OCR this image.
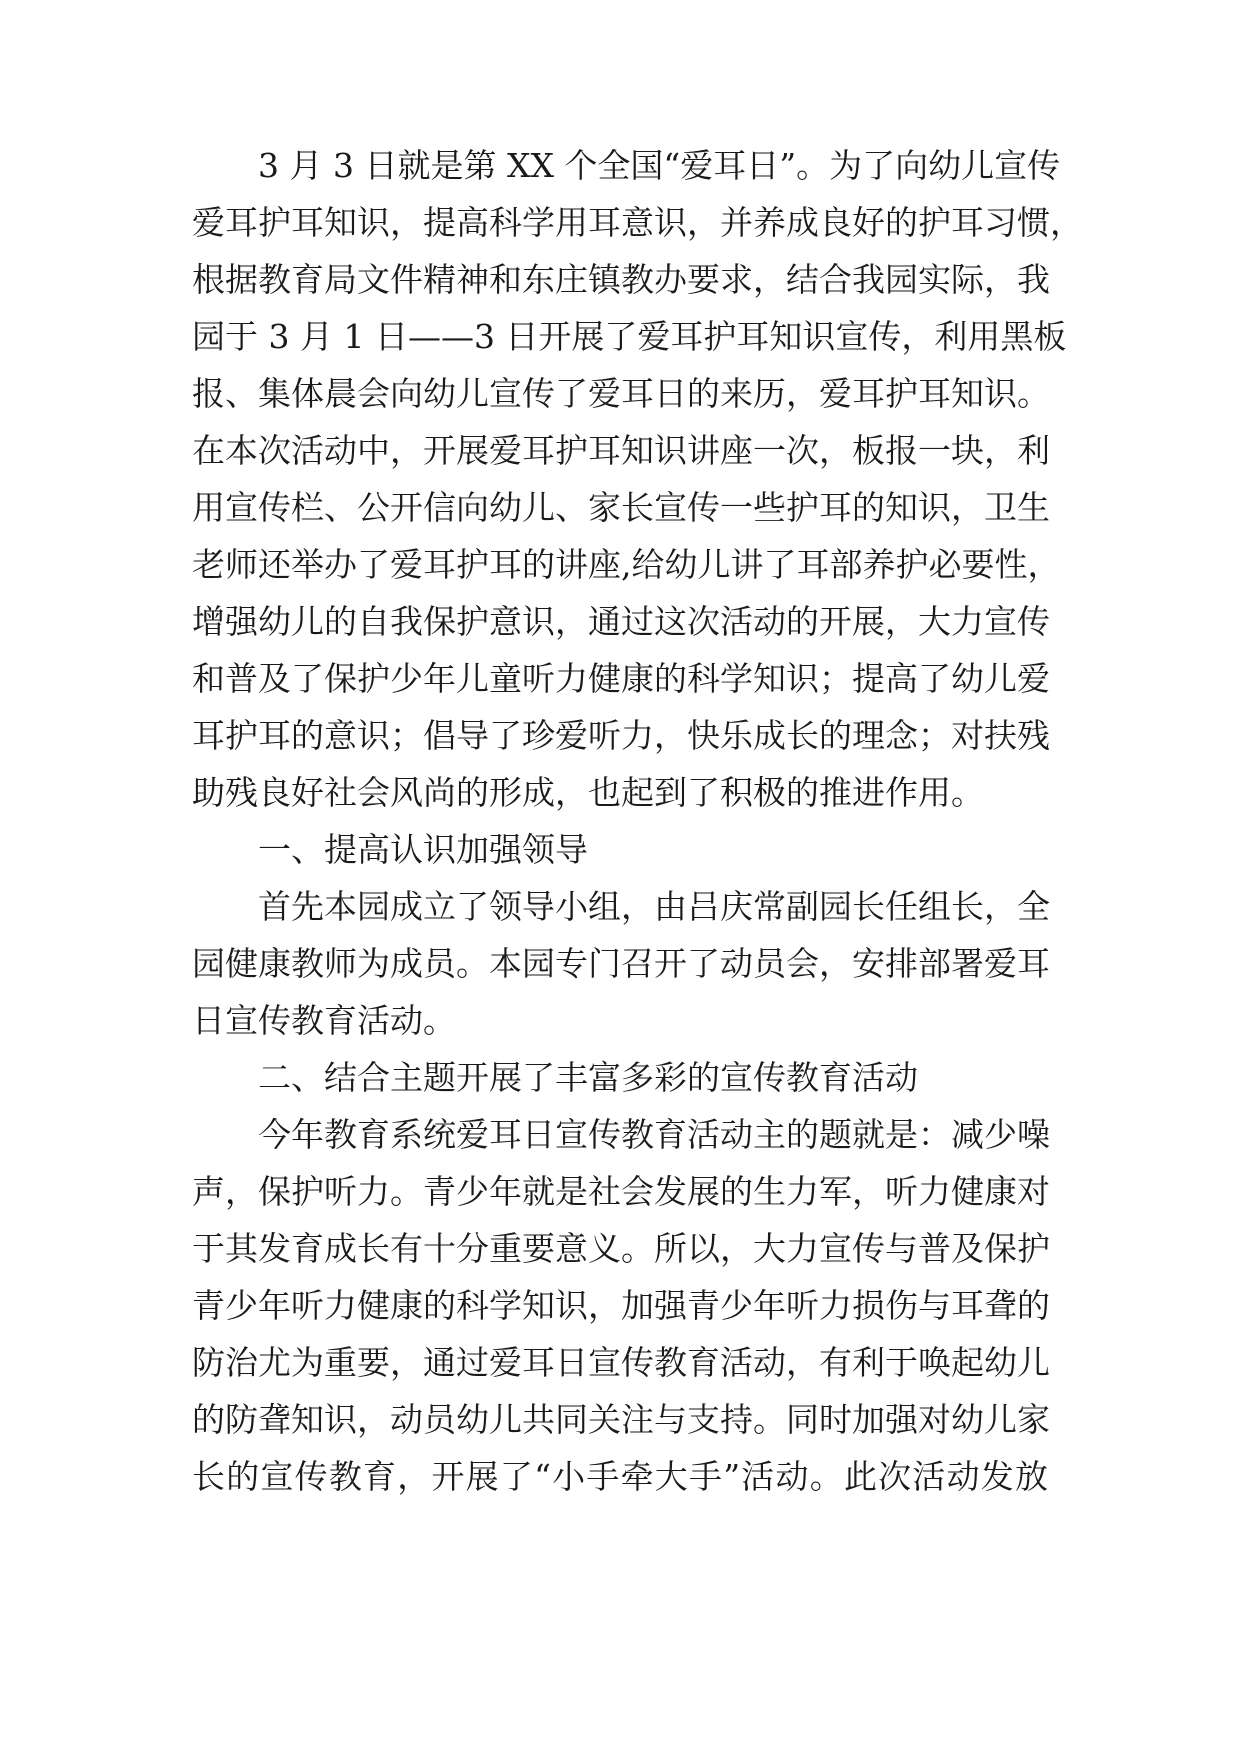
3 月 3 日就是第 XX 个全国“爱耳日”。为了向幼儿宣传
爱耳护耳知识，提高科学用耳意识，并养成良好的护耳习惯，
根据教育局文件精神和东庄镇教办要求，结合我园实际，我
园于 3 月 1 日——3 日开展了爱耳护耳知识宣传，利用黑板
报、集体晨会向幼儿宣传了爱耳日的来历，爱耳护耳知识。
在本次活动中，开展爱耳护耳知识讲座一次，板报一块，利
用宣传栏、公开信向幼儿、家长宣传一些护耳的知识，卫生
老师还举办了爱耳护耳的讲座,给幼儿讲了耳部养护必要性，
增强幼儿的自我保护意识，通过这次活动的开展，大力宣传
和普及了保护少年儿童听力健康的科学知识；提高了幼儿爱
耳护耳的意识；倡导了珍爱听力，快乐成长的理念；对扶残
助残良好社会风尚的形成，也起到了积极的推进作用。
一、提高认识加强领导
首先本园成立了领导小组，由吕庆常副园长任组长，全
园健康教师为成员。本园专门召开了动员会，安排部署爱耳
日宣传教育活动。
二、结合主题开展了丰富多彩的宣传教育活动
今年教育系统爱耳日宣传教育活动主的题就是：减少噪
声，保护听力。青少年就是社会发展的生力军，听力健康对
于其发育成长有十分重要意义。所以，大力宣传与普及保护
青少年听力健康的科学知识，加强青少年听力损伤与耳聋的
防治尤为重要，通过爱耳日宣传教育活动，有利于唤起幼儿
的防聋知识，动员幼儿共同关注与支持。同时加强对幼儿家
长的宣传教育，开展了“小手牵大手”活动。此次活动发放
